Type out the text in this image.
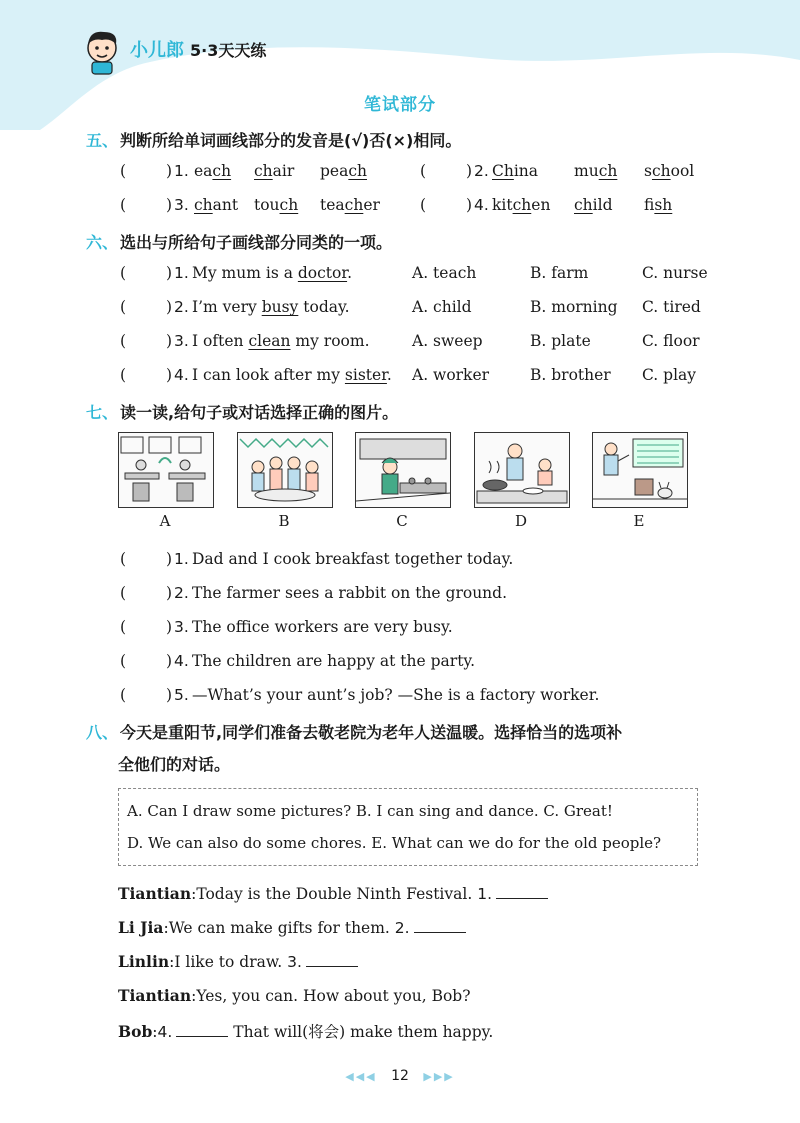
小儿郎 5·3天天练
笔试部分
五、 判断所给单词画线部分的发音是(√)否(×)相同。
(	) 1. each chair peach	(	) 2. China much school
(	) 3. chant touch teacher	(	) 4. kitchen child fish
六、 选出与所给句子画线部分同类的一项。
(	) 1. My mum is a doctor.	A. teach	B. farm	C. nurse
(	) 2. I’m very busy today.	A. child	B. morning C. tired
(	) 3. I often clean my room.	A. sweep	B. plate	C. floor
(	) 4. I can look after my sister. A. worker	B. brother C. play
七、 读一读,给句子或对话选择正确的图片。
A	B	C	D	E
(	) 1. Dad and I cook breakfast together today.
(	) 2. The farmer sees a rabbit on the ground.
(	) 3. The office workers are very busy.
(	) 4. The children are happy at the party.
(	) 5. —What’s your aunt’s job? —She is a factory worker.
八、 今天是重阳节,同学们准备去敬老院为老年人送温暖。选择恰当的选项补
全他们的对话。
A. Can I draw some pictures? B. I can sing and dance. C. Great!
D. We can also do some chores. E. What can we do for the old people?
Tiantian:Today is the Double Ninth Festival. 1.
Li Jia:We can make gifts for them. 2.
Linlin:I like to draw. 3.
Tiantian:Yes, you can. How about you, Bob?
Bob:4.	That will(将会) make them happy.
◀◀◀ 12 ▶▶▶
